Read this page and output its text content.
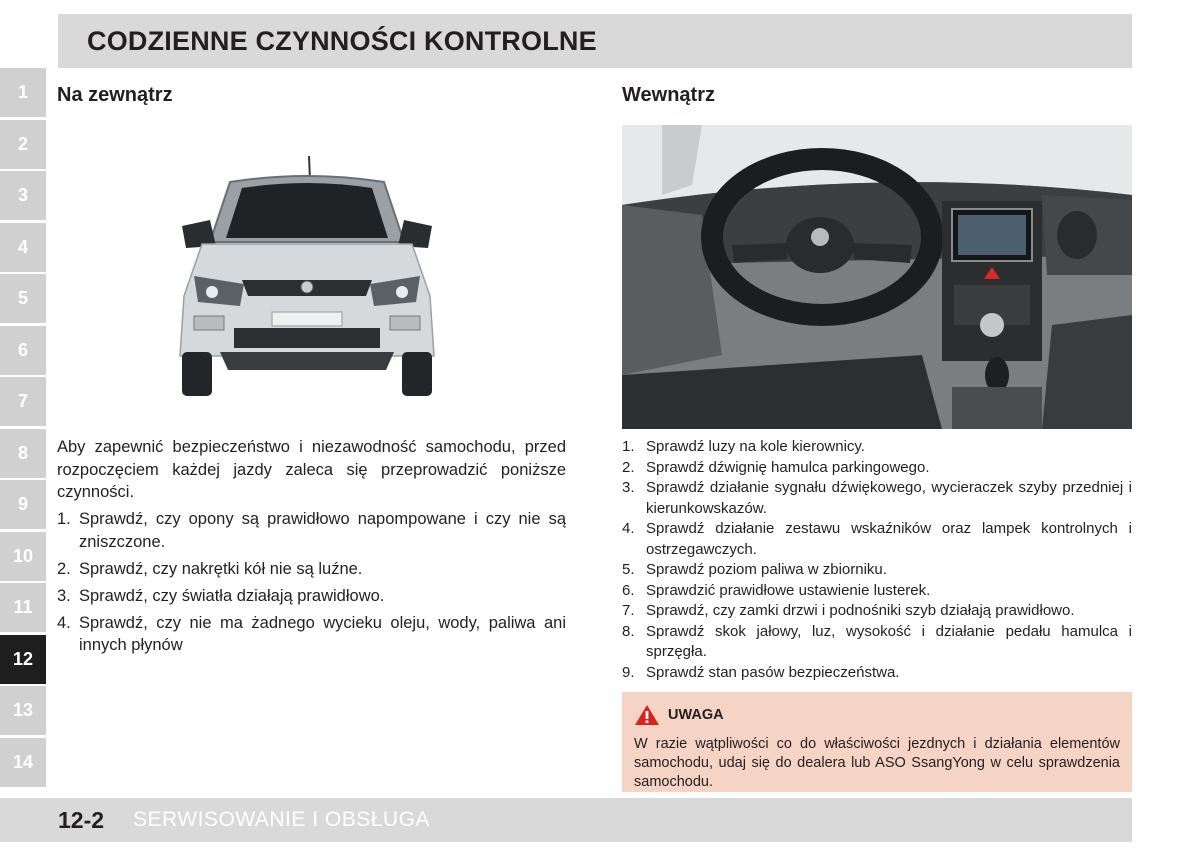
1
2
3
4
5
6
7
8
9
10
11
12
13
14
CODZIENNE CZYNNOŚCI KONTROLNE
Na zewnątrz
Aby zapewnić bezpieczeństwo i niezawodność samochodu, przed rozpoczęciem każdej jazdy zaleca się przeprowadzić poniższe czynności.
1. Sprawdź, czy opony są prawidłowo napompowane i czy nie są zniszczone.
2. Sprawdź, czy nakrętki kół nie są luźne.
3. Sprawdź, czy światła działają prawidłowo.
4. Sprawdź, czy nie ma żadnego wycieku oleju, wody, paliwa ani innych płynów
Wewnątrz
1. Sprawdź luzy na kole kierownicy.
2. Sprawdź dźwignię hamulca parkingowego.
3. Sprawdź działanie sygnału dźwiękowego, wycieraczek szyby przedniej i kierunkowskazów.
4. Sprawdź działanie zestawu wskaźników oraz lampek kontrolnych i ostrzegawczych.
5. Sprawdź poziom paliwa w zbiorniku.
6. Sprawdzić prawidłowe ustawienie lusterek.
7. Sprawdź, czy zamki drzwi i podnośniki szyb działają prawidłowo.
8. Sprawdź skok jałowy, luz, wysokość i działanie pedału hamulca i sprzęgła.
9. Sprawdź stan pasów bezpieczeństwa.
UWAGA

W razie wątpliwości co do właściwości jezdnych i działania elementów samochodu, udaj się do dealera lub ASO SsangYong w celu sprawdzenia samochodu.

12-2 SERWISOWANIE I OBSŁUGA
